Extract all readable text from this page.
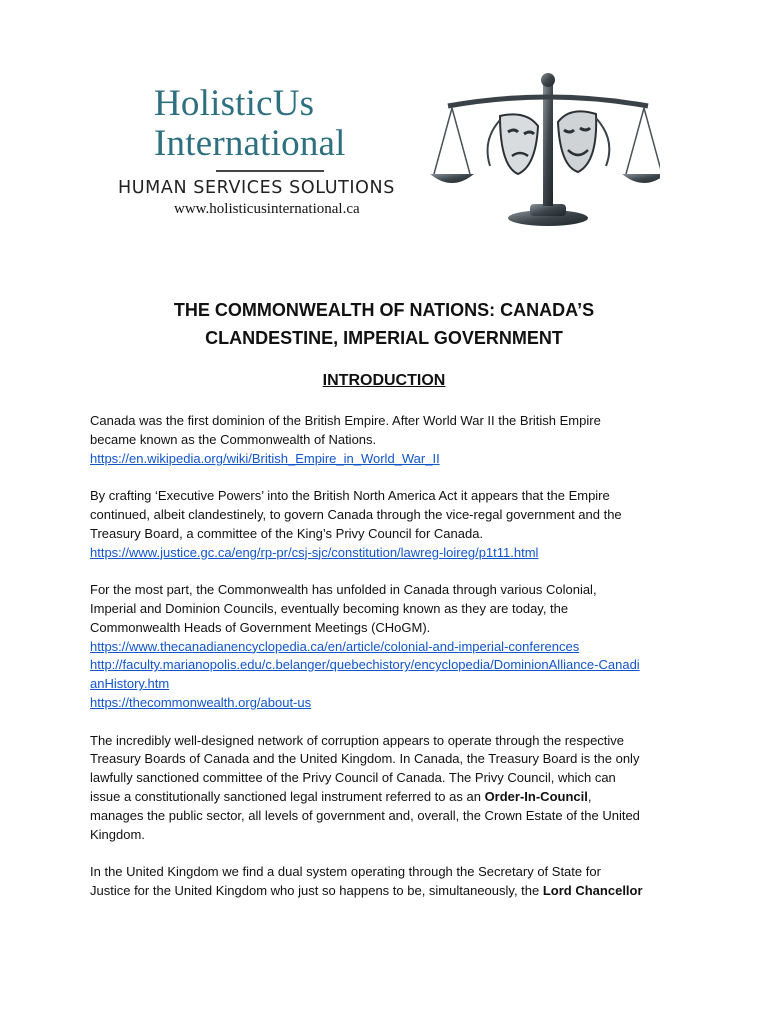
HolisticUs
International
HUMAN SERVICES SOLUTIONS
www.holisticusinternational.ca
THE COMMONWEALTH OF NATIONS: CANADA’S
CLANDESTINE, IMPERIAL GOVERNMENT
INTRODUCTION
Canada was the first dominion of the British Empire. After World War II the British Empire
became known as the Commonwealth of Nations.
https://en.wikipedia.org/wiki/British_Empire_in_World_War_II
By crafting ‘Executive Powers’ into the British North America Act it appears that the Empire
continued, albeit clandestinely, to govern Canada through the vice-regal government and the
Treasury Board, a committee of the King’s Privy Council for Canada.
https://www.justice.gc.ca/eng/rp-pr/csj-sjc/constitution/lawreg-loireg/p1t11.html
For the most part, the Commonwealth has unfolded in Canada through various Colonial,
Imperial and Dominion Councils, eventually becoming known as they are today, the
Commonwealth Heads of Government Meetings (CHoGM).
https://www.thecanadianencyclopedia.ca/en/article/colonial-and-imperial-conferences
http://faculty.marianopolis.edu/c.belanger/quebechistory/encyclopedia/DominionAlliance-Canadi
anHistory.htm
https://thecommonwealth.org/about-us
The incredibly well-designed network of corruption appears to operate through the respective
Treasury Boards of Canada and the United Kingdom. In Canada, the Treasury Board is the only
lawfully sanctioned committee of the Privy Council of Canada. The Privy Council, which can
issue a constitutionally sanctioned legal instrument referred to as an Order-In-Council,
manages the public sector, all levels of government and, overall, the Crown Estate of the United
Kingdom.
In the United Kingdom we find a dual system operating through the Secretary of State for
Justice for the United Kingdom who just so happens to be, simultaneously, the Lord Chancellor
